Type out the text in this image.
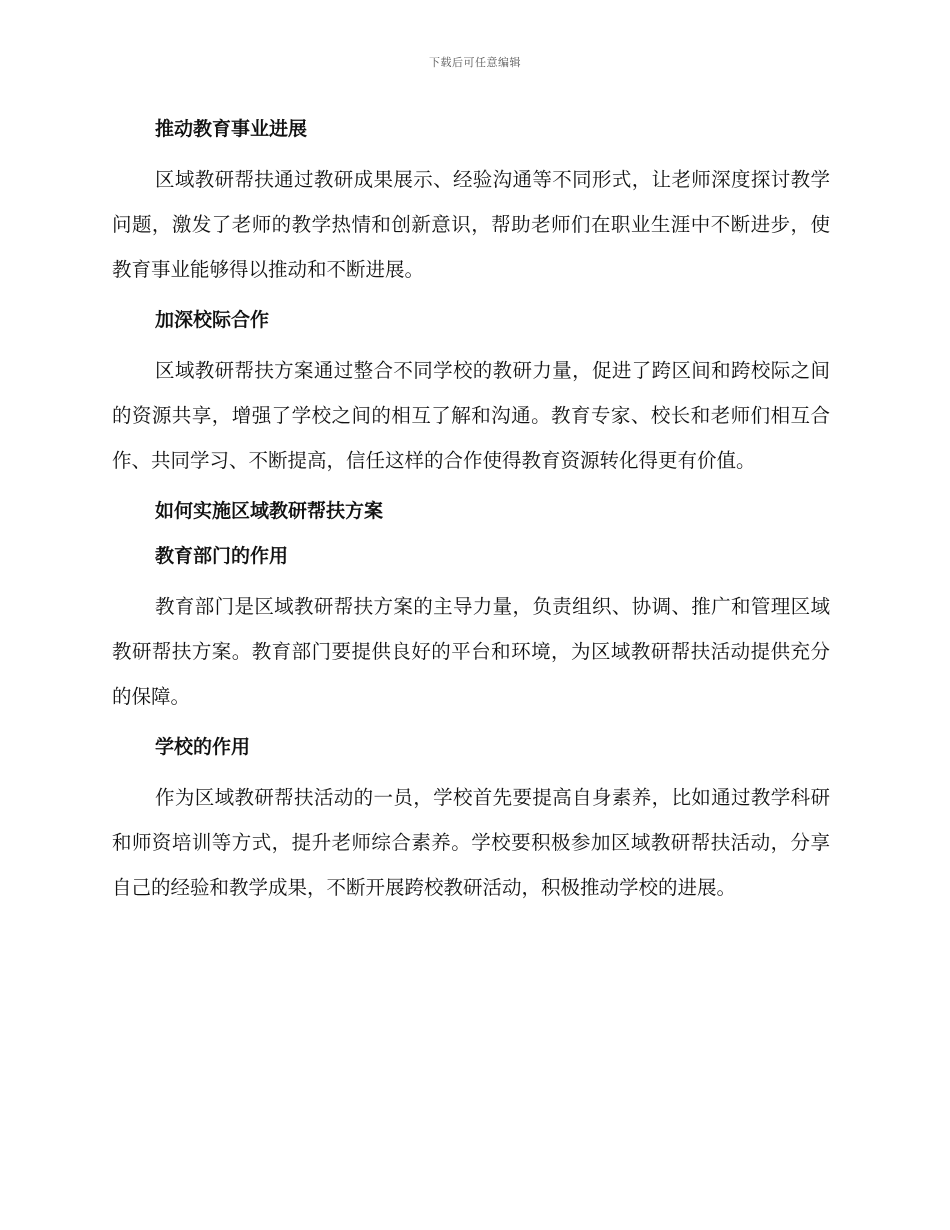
下载后可任意编辑
推动教育事业进展

区域教研帮扶通过教研成果展示、经验沟通等不同形式，让老师深度探讨教学问题，激发了老师的教学热情和创新意识，帮助老师们在职业生涯中不断进步，使教育事业能够得以推动和不断进展。

加深校际合作

区域教研帮扶方案通过整合不同学校的教研力量，促进了跨区间和跨校际之间的资源共享，增强了学校之间的相互了解和沟通。教育专家、校长和老师们相互合作、共同学习、不断提高，信任这样的合作使得教育资源转化得更有价值。

如何实施区域教研帮扶方案
教育部门的作用

教育部门是区域教研帮扶方案的主导力量，负责组织、协调、推广和管理区域教研帮扶方案。教育部门要提供良好的平台和环境，为区域教研帮扶活动提供充分的保障。

学校的作用

作为区域教研帮扶活动的一员，学校首先要提高自身素养，比如通过教学科研和师资培训等方式，提升老师综合素养。学校要积极参加区域教研帮扶活动，分享自己的经验和教学成果，不断开展跨校教研活动，积极推动学校的进展。
